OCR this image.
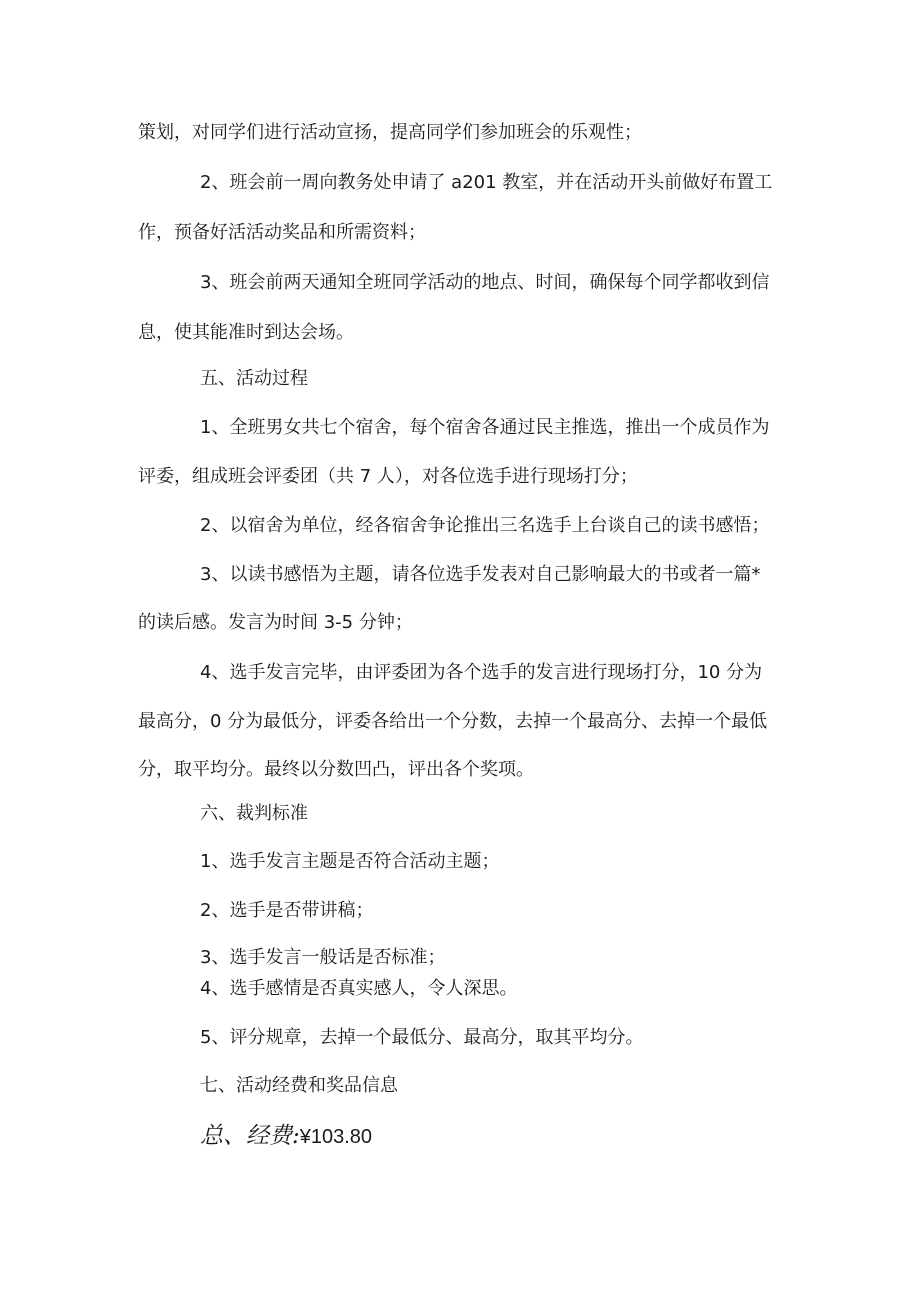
策划，对同学们进行活动宣扬，提高同学们参加班会的乐观性；
2、班会前一周向教务处申请了 a201 教室，并在活动开头前做好布置工
作，预备好活活动奖品和所需资料；
3、班会前两天通知全班同学活动的地点、时间，确保每个同学都收到信
息，使其能准时到达会场。
五、活动过程
1、全班男女共七个宿舍，每个宿舍各通过民主推选，推出一个成员作为
评委，组成班会评委团（共 7 人），对各位选手进行现场打分；
2、以宿舍为单位，经各宿舍争论推出三名选手上台谈自己的读书感悟；
3、以读书感悟为主题，请各位选手发表对自己影响最大的书或者一篇*
的读后感。发言为时间 3-5 分钟；
4、选手发言完毕，由评委团为各个选手的发言进行现场打分，10 分为
最高分，0 分为最低分，评委各给出一个分数，去掉一个最高分、去掉一个最低
分，取平均分。最终以分数凹凸，评出各个奖项。
六、裁判标准
1、选手发言主题是否符合活动主题；
2、选手是否带讲稿；
3、选手发言一般话是否标准；
4、选手感情是否真实感人，令人深思。
5、评分规章，去掉一个最低分、最高分，取其平均分。
七、活动经费和奖品信息
总、经费:¥103.80
